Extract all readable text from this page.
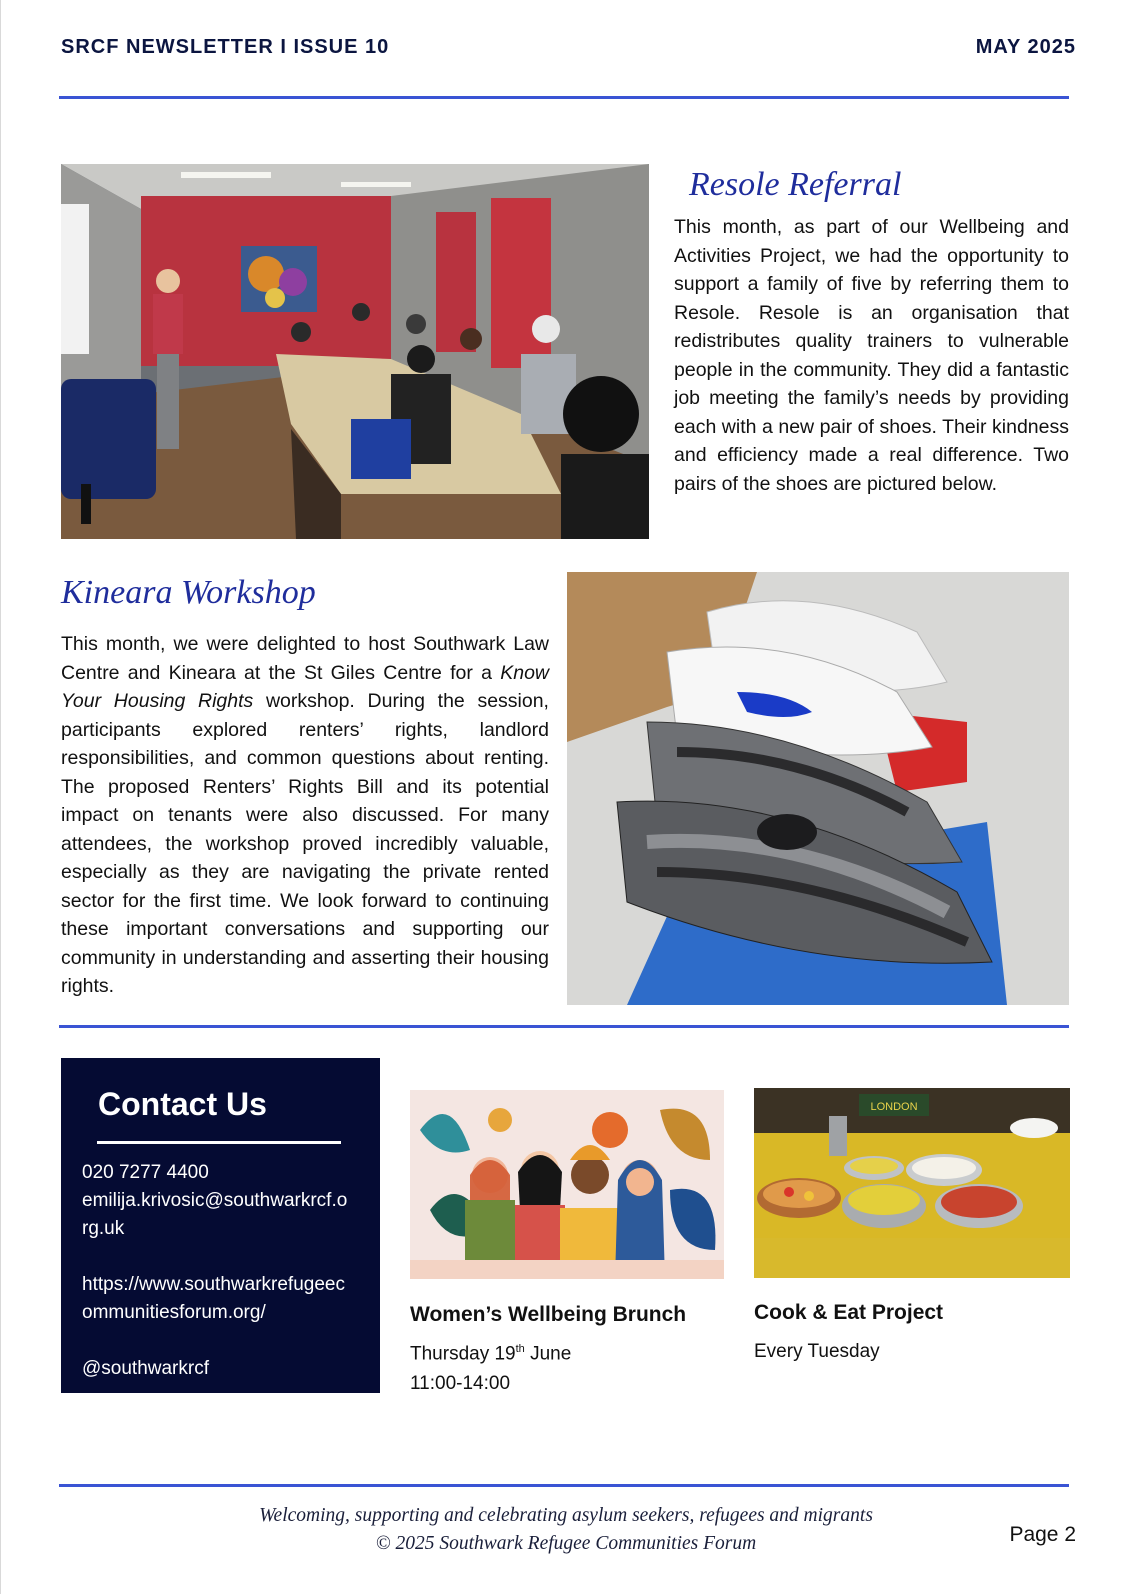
SRCF NEWSLETTER I ISSUE 10	MAY 2025
Resole Referral

This month, as part of our Wellbeing and Activities Project, we had the opportunity to support a family of five by referring them to Resole. Resole is an organisation that redistributes quality trainers to vulnerable people in the community. They did a fantastic job meeting the family’s needs by providing each with a new pair of shoes. Their kindness and efficiency made a real difference. Two pairs of the shoes are pictured below.

Kineara Workshop

This month, we were delighted to host Southwark Law Centre and Kineara at the St Giles Centre for a Know Your Housing Rights workshop. During the session, participants explored renters’ rights, landlord responsibilities, and common questions about renting. The proposed Renters’ Rights Bill and its potential impact on tenants were also discussed. For many attendees, the workshop proved incredibly valuable, especially as they are navigating the private rented sector for the first time. We look forward to continuing these important conversations and supporting our community in understanding and asserting their housing rights.

Contact Us
020 7277 4400
emilija.krivosic@southwarkrcf.org.uk
https://www.southwarkrefugeecommunitiesforum.org/
@southwarkrcf
LONDON
Women’s Wellbeing Brunch
Thursday 19th June
11:00-14:00
Cook & Eat Project
Every Tuesday
Welcoming, supporting and celebrating asylum seekers, refugees and migrants
© 2025 Southwark Refugee Communities Forum	Page 2
